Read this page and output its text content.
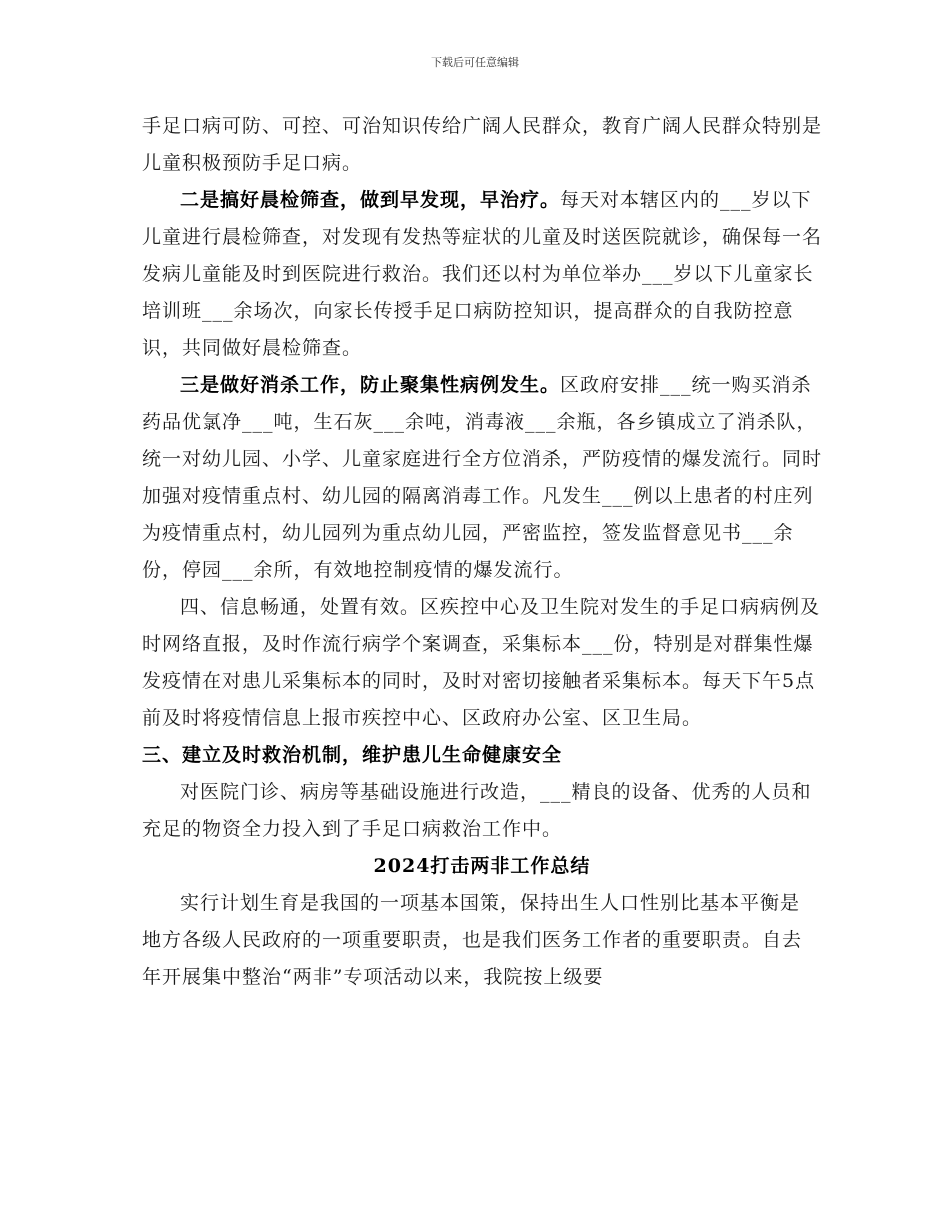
下载后可任意编辑

手足口病可防、可控、可治知识传给广阔人民群众，教育广阔人民群众特别是儿童积极预防手足口病。

二是搞好晨检筛查，做到早发现，早治疗。每天对本辖区内的___岁以下儿童进行晨检筛查，对发现有发热等症状的儿童及时送医院就诊，确保每一名发病儿童能及时到医院进行救治。我们还以村为单位举办___岁以下儿童家长培训班___余场次，向家长传授手足口病防控知识，提高群众的自我防控意识，共同做好晨检筛查。

三是做好消杀工作，防止聚集性病例发生。区政府安排___统一购买消杀药品优氯净___吨，生石灰___余吨，消毒液___余瓶，各乡镇成立了消杀队，统一对幼儿园、小学、儿童家庭进行全方位消杀，严防疫情的爆发流行。同时加强对疫情重点村、幼儿园的隔离消毒工作。凡发生___例以上患者的村庄列为疫情重点村，幼儿园列为重点幼儿园，严密监控，签发监督意见书___余份，停园___余所，有效地控制疫情的爆发流行。

四、信息畅通，处置有效。区疾控中心及卫生院对发生的手足口病病例及时网络直报，及时作流行病学个案调查，采集标本___份，特别是对群集性爆发疫情在对患儿采集标本的同时，及时对密切接触者采集标本。每天下午5点前及时将疫情信息上报市疾控中心、区政府办公室、区卫生局。

三、建立及时救治机制，维护患儿生命健康安全

对医院门诊、病房等基础设施进行改造，___精良的设备、优秀的人员和充足的物资全力投入到了手足口病救治工作中。

2024打击两非工作总结

实行计划生育是我国的一项基本国策，保持出生人口性别比基本平衡是地方各级人民政府的一项重要职责，也是我们医务工作者的重要职责。自去年开展集中整治“两非”专项活动以来，我院按上级要
